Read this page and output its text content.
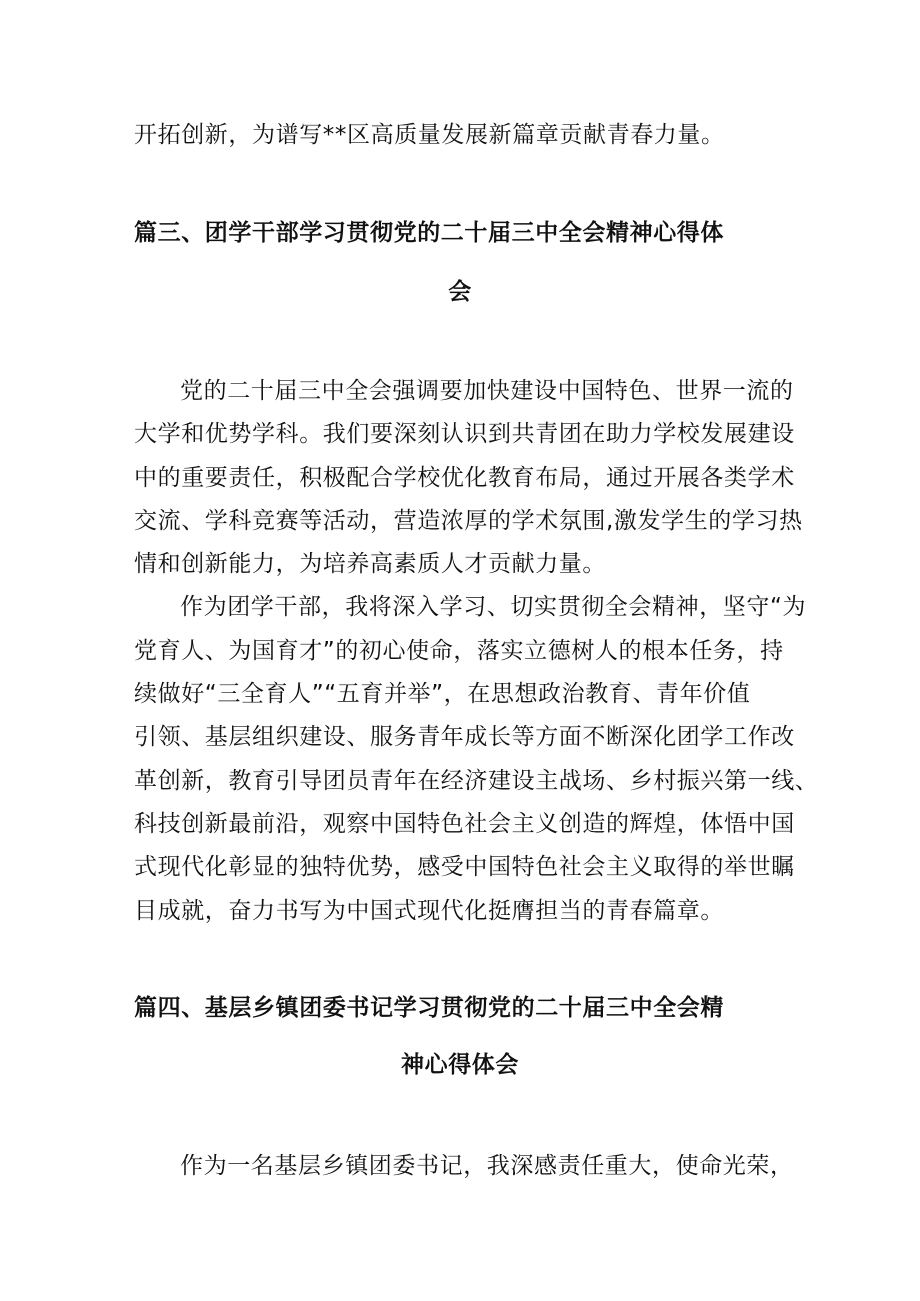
开拓创新，为谱写**区高质量发展新篇章贡献青春力量。
篇三、团学干部学习贯彻党的二十届三中全会精神心得体
会
党的二十届三中全会强调要加快建设中国特色、世界一流的
大学和优势学科。我们要深刻认识到共青团在助力学校发展建设
中的重要责任，积极配合学校优化教育布局，通过开展各类学术
交流、学科竞赛等活动，营造浓厚的学术氛围,激发学生的学习热
情和创新能力，为培养高素质人才贡献力量。
作为团学干部，我将深入学习、切实贯彻全会精神，坚守“为
党育人、为国育才”的初心使命，落实立德树人的根本任务，持
续做好“三全育人”“五育并举”，在思想政治教育、青年价值
引领、基层组织建设、服务青年成长等方面不断深化团学工作改
革创新，教育引导团员青年在经济建设主战场、乡村振兴第一线、
科技创新最前沿，观察中国特色社会主义创造的辉煌，体悟中国
式现代化彰显的独特优势，感受中国特色社会主义取得的举世瞩
目成就，奋力书写为中国式现代化挺膺担当的青春篇章。
篇四、基层乡镇团委书记学习贯彻党的二十届三中全会精
神心得体会
作为一名基层乡镇团委书记，我深感责任重大，使命光荣，
